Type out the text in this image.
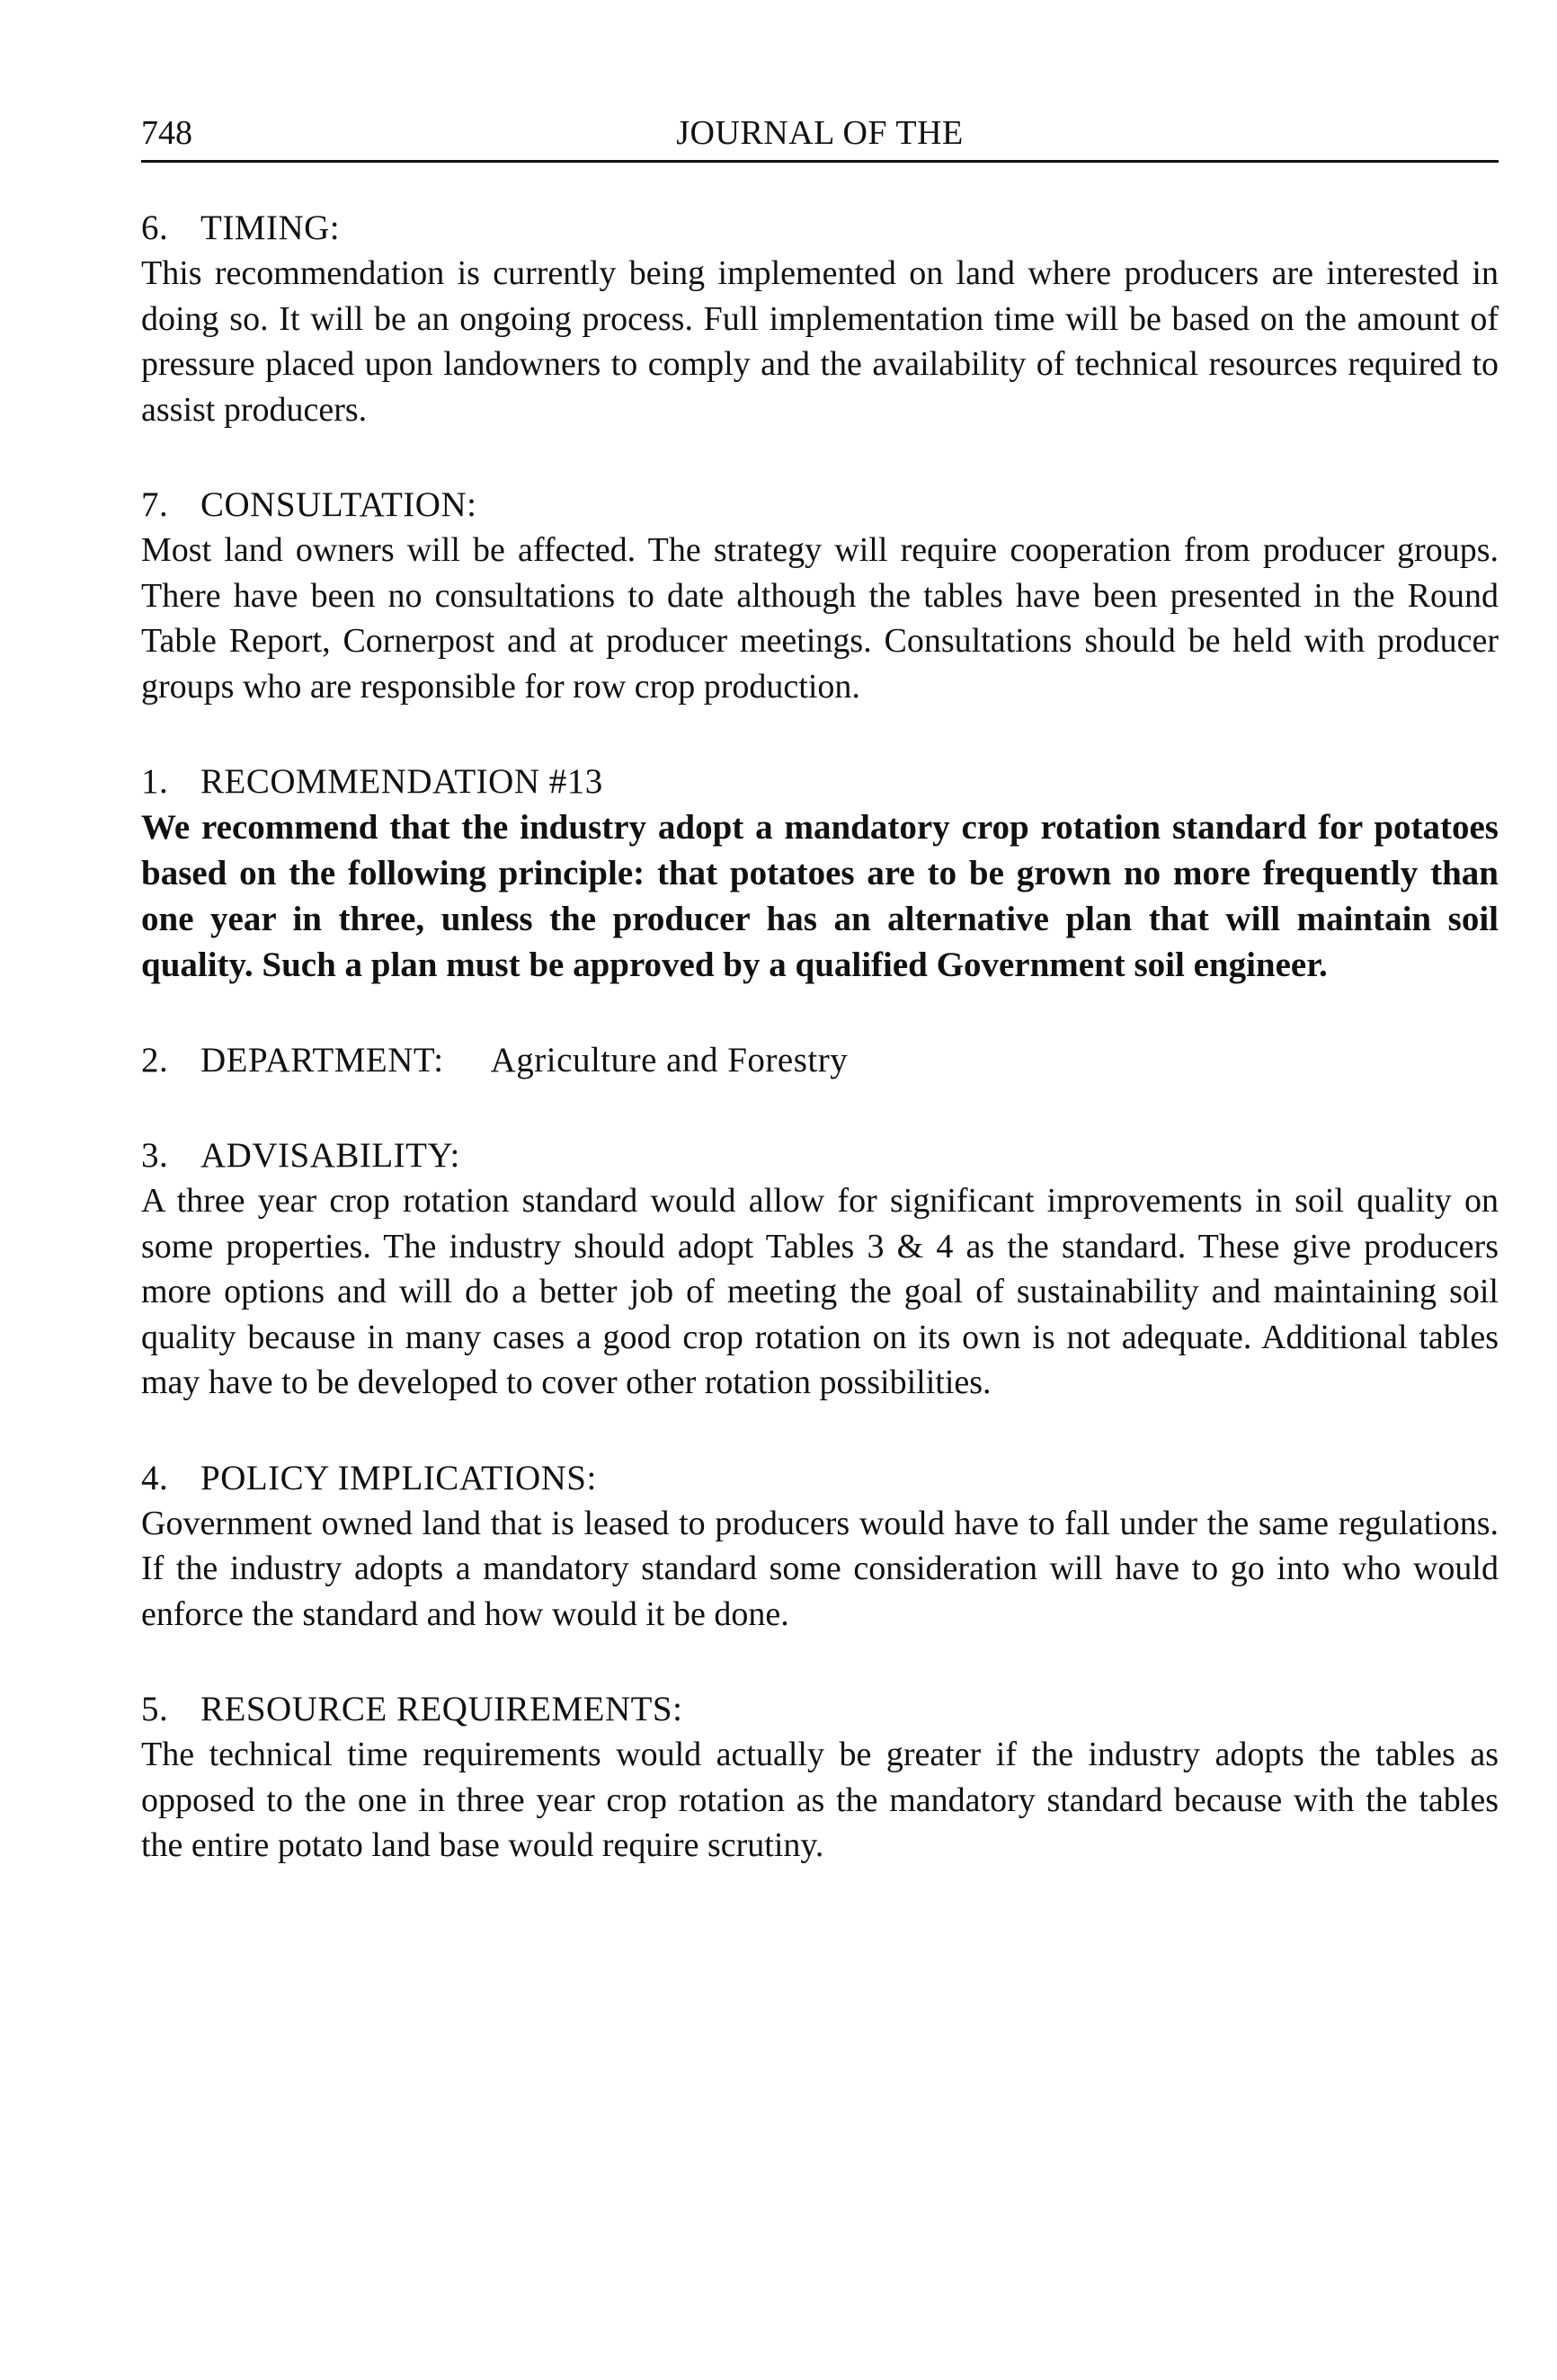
748	JOURNAL OF THE
6. TIMING:

This recommendation is currently being implemented on land where producers are interested in doing so. It will be an ongoing process. Full implementation time will be based on the amount of pressure placed upon landowners to comply and the availability of technical resources required to assist producers.

7. CONSULTATION:

Most land owners will be affected. The strategy will require cooperation from producer groups. There have been no consultations to date although the tables have been presented in the Round Table Report, Cornerpost and at producer meetings. Consultations should be held with producer groups who are responsible for row crop production.

1. RECOMMENDATION #13

We recommend that the industry adopt a mandatory crop rotation standard for potatoes based on the following principle: that potatoes are to be grown no more frequently than one year in three, unless the producer has an alternative plan that will maintain soil quality. Such a plan must be approved by a qualified Government soil engineer.

2. DEPARTMENT: Agriculture and Forestry
3. ADVISABILITY:

A three year crop rotation standard would allow for significant improvements in soil quality on some properties. The industry should adopt Tables 3 & 4 as the standard. These give producers more options and will do a better job of meeting the goal of sustainability and maintaining soil quality because in many cases a good crop rotation on its own is not adequate. Additional tables may have to be developed to cover other rotation possibilities.

4. POLICY IMPLICATIONS:

Government owned land that is leased to producers would have to fall under the same regulations. If the industry adopts a mandatory standard some consideration will have to go into who would enforce the standard and how would it be done.

5. RESOURCE REQUIREMENTS:

The technical time requirements would actually be greater if the industry adopts the tables as opposed to the one in three year crop rotation as the mandatory standard because with the tables the entire potato land base would require scrutiny.
